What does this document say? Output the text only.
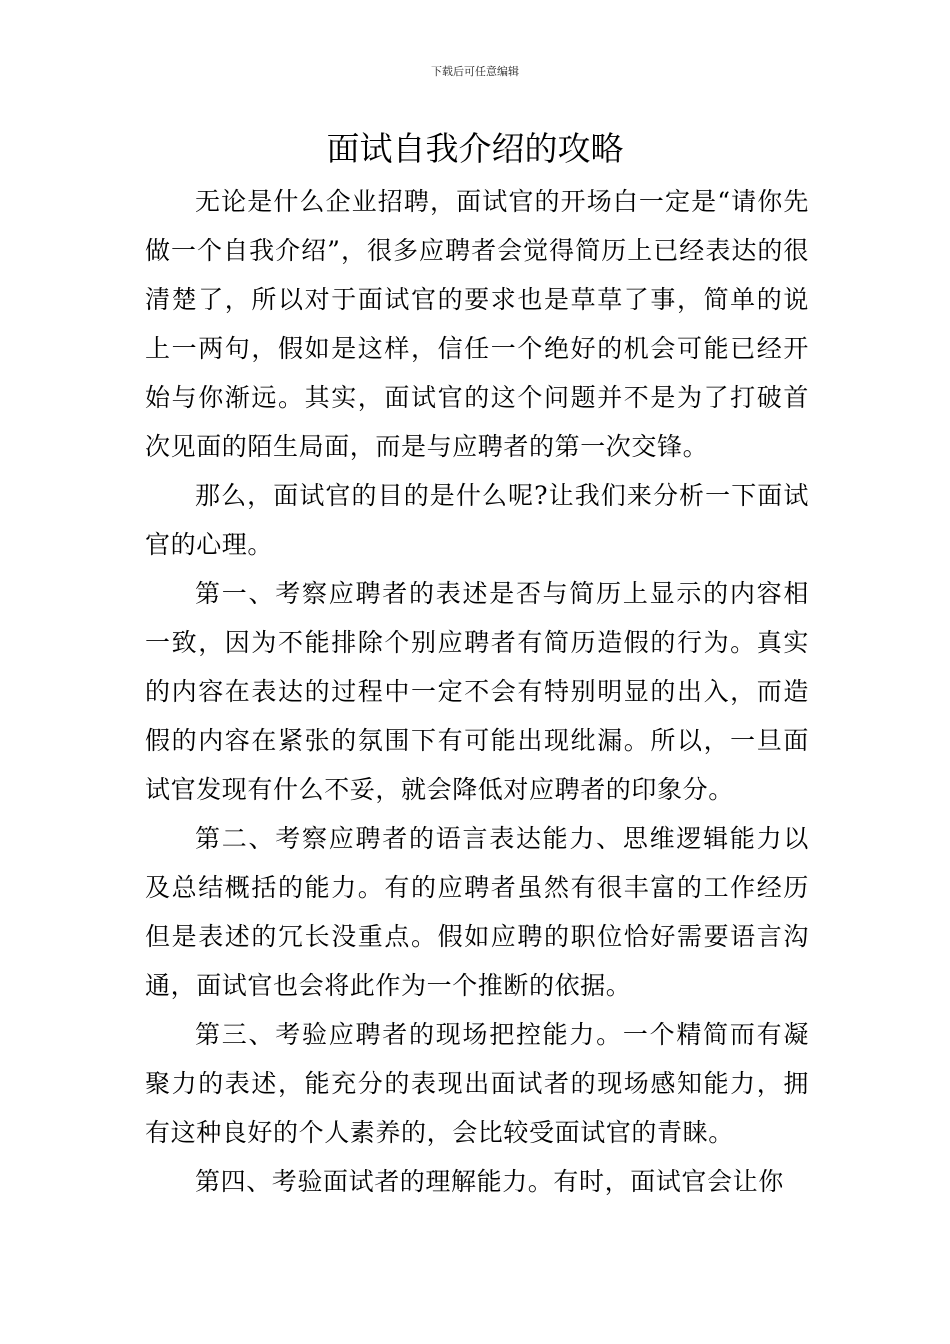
下载后可任意编辑
面试自我介绍的攻略

无论是什么企业招聘，面试官的开场白一定是“请你先做一个自我介绍”，很多应聘者会觉得简历上已经表达的很清楚了，所以对于面试官的要求也是草草了事，简单的说上一两句，假如是这样，信任一个绝好的机会可能已经开始与你渐远。其实，面试官的这个问题并不是为了打破首次见面的陌生局面，而是与应聘者的第一次交锋。

那么，面试官的目的是什么呢?让我们来分析一下面试官的心理。

第一、考察应聘者的表述是否与简历上显示的内容相一致，因为不能排除个别应聘者有简历造假的行为。真实的内容在表达的过程中一定不会有特别明显的出入，而造假的内容在紧张的氛围下有可能出现纰漏。所以，一旦面试官发现有什么不妥，就会降低对应聘者的印象分。

第二、考察应聘者的语言表达能力、思维逻辑能力以及总结概括的能力。有的应聘者虽然有很丰富的工作经历但是表述的冗长没重点。假如应聘的职位恰好需要语言沟通，面试官也会将此作为一个推断的依据。

第三、考验应聘者的现场把控能力。一个精简而有凝聚力的表述，能充分的表现出面试者的现场感知能力，拥有这种良好的个人素养的，会比较受面试官的青睐。

第四、考验面试者的理解能力。有时，面试官会让你
